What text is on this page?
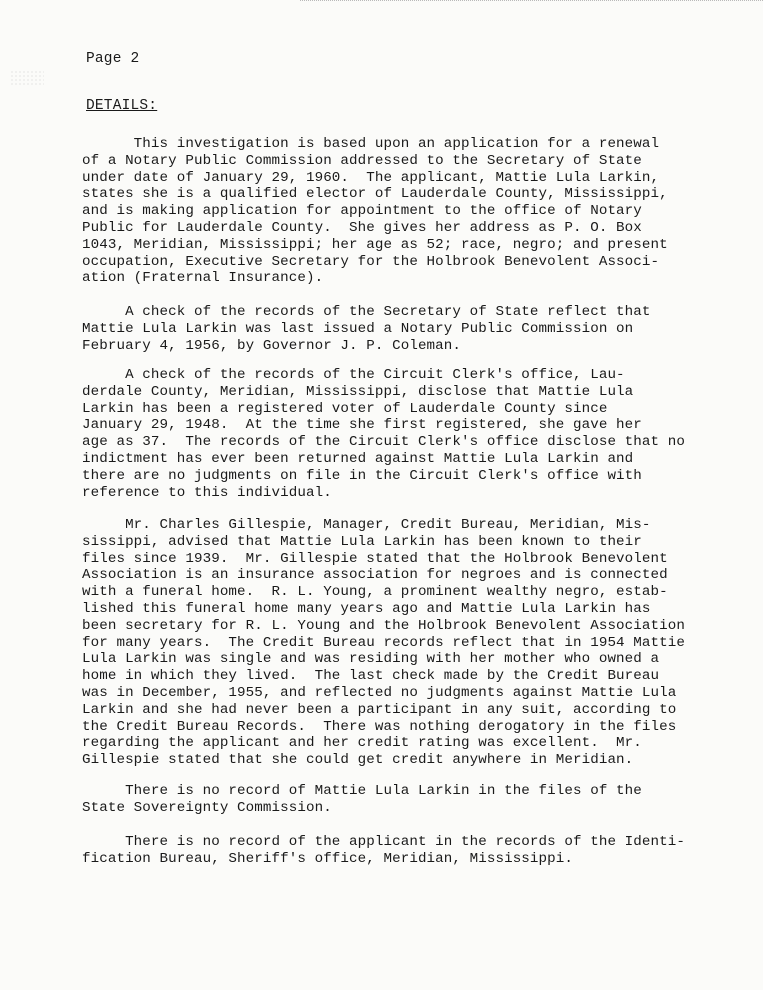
Page 2
DETAILS:

This investigation is based upon an application for a renewal
of a Notary Public Commission addressed to the Secretary of State
under date of January 29, 1960.  The applicant, Mattie Lula Larkin,
states she is a qualified elector of Lauderdale County, Mississippi,
and is making application for appointment to the office of Notary
Public for Lauderdale County.  She gives her address as P. O. Box
1043, Meridian, Mississippi; her age as 52; race, negro; and present
occupation, Executive Secretary for the Holbrook Benevolent Associ-
ation (Fraternal Insurance).

A check of the records of the Secretary of State reflect that
Mattie Lula Larkin was last issued a Notary Public Commission on
February 4, 1956, by Governor J. P. Coleman.

A check of the records of the Circuit Clerk's office, Lau-
derdale County, Meridian, Mississippi, disclose that Mattie Lula
Larkin has been a registered voter of Lauderdale County since
January 29, 1948.  At the time she first registered, she gave her
age as 37.  The records of the Circuit Clerk's office disclose that no
indictment has ever been returned against Mattie Lula Larkin and
there are no judgments on file in the Circuit Clerk's office with
reference to this individual.

Mr. Charles Gillespie, Manager, Credit Bureau, Meridian, Mis-
sissippi, advised that Mattie Lula Larkin has been known to their
files since 1939.  Mr. Gillespie stated that the Holbrook Benevolent
Association is an insurance association for negroes and is connected
with a funeral home.  R. L. Young, a prominent wealthy negro, estab-
lished this funeral home many years ago and Mattie Lula Larkin has
been secretary for R. L. Young and the Holbrook Benevolent Association
for many years.  The Credit Bureau records reflect that in 1954 Mattie
Lula Larkin was single and was residing with her mother who owned a
home in which they lived.  The last check made by the Credit Bureau
was in December, 1955, and reflected no judgments against Mattie Lula
Larkin and she had never been a participant in any suit, according to
the Credit Bureau Records.  There was nothing derogatory in the files
regarding the applicant and her credit rating was excellent.  Mr.
Gillespie stated that she could get credit anywhere in Meridian.

There is no record of Mattie Lula Larkin in the files of the
State Sovereignty Commission.

There is no record of the applicant in the records of the Identi-
fication Bureau, Sheriff's office, Meridian, Mississippi.
